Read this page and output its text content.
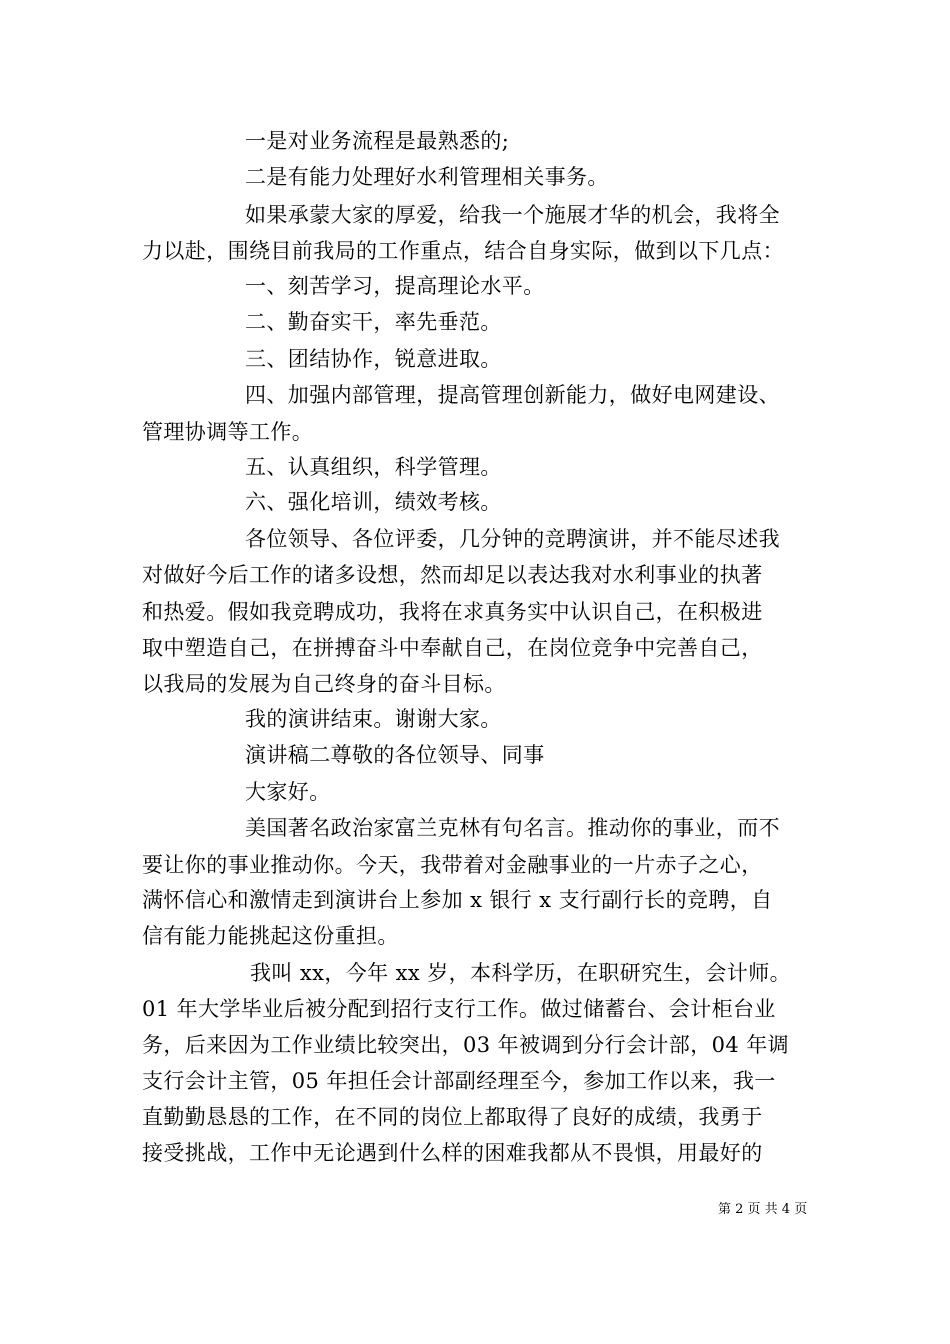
一是对业务流程是最熟悉的;
二是有能力处理好水利管理相关事务。
如果承蒙大家的厚爱，给我一个施展才华的机会，我将全
力以赴，围绕目前我局的工作重点，结合自身实际，做到以下几点：
一、刻苦学习，提高理论水平。
二、勤奋实干，率先垂范。
三、团结协作，锐意进取。
四、加强内部管理，提高管理创新能力，做好电网建设、
管理协调等工作。
五、认真组织，科学管理。
六、强化培训，绩效考核。
各位领导、各位评委，几分钟的竞聘演讲，并不能尽述我
对做好今后工作的诸多设想，然而却足以表达我对水利事业的执著
和热爱。假如我竞聘成功，我将在求真务实中认识自己，在积极进
取中塑造自己，在拼搏奋斗中奉献自己，在岗位竞争中完善自己，
以我局的发展为自己终身的奋斗目标。
我的演讲结束。谢谢大家。
演讲稿二尊敬的各位领导、同事
大家好。
美国著名政治家富兰克林有句名言。推动你的事业，而不
要让你的事业推动你。今天，我带着对金融事业的一片赤子之心，
满怀信心和激情走到演讲台上参加 x 银行 x 支行副行长的竞聘，自
信有能力能挑起这份重担。
我叫 xx，今年 xx 岁，本科学历，在职研究生，会计师。
01 年大学毕业后被分配到招行支行工作。做过储蓄台、会计柜台业
务，后来因为工作业绩比较突出，03 年被调到分行会计部，04 年调
支行会计主管，05 年担任会计部副经理至今，参加工作以来，我一
直勤勤恳恳的工作，在不同的岗位上都取得了良好的成绩，我勇于
接受挑战，工作中无论遇到什么样的困难我都从不畏惧，用最好的
第 2 页 共 4 页
